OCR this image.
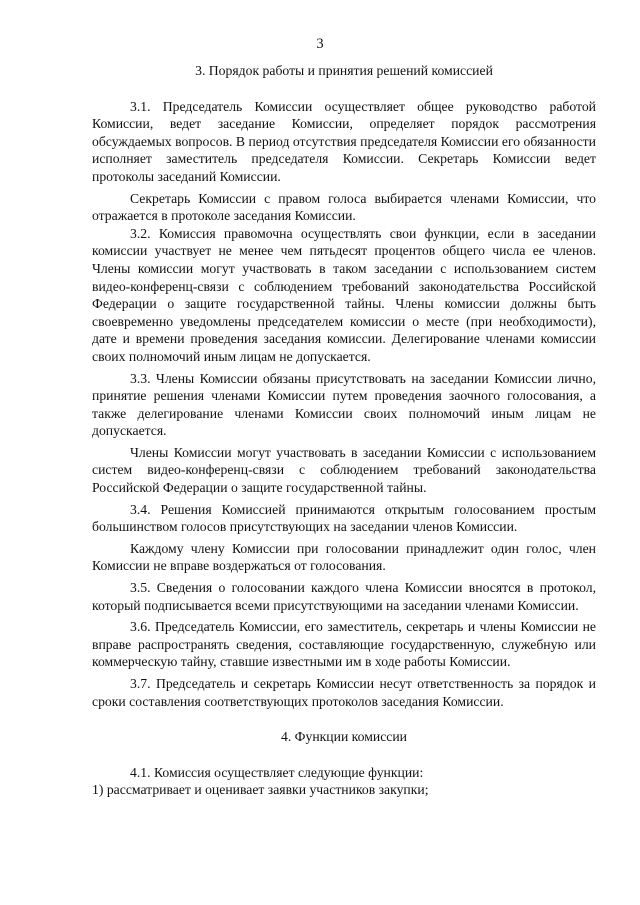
3
3. Порядок работы и принятия решений комиссией

3.1. Председатель Комиссии осуществляет общее руководство работой Комиссии, ведет заседание Комиссии, определяет порядок рассмотрения обсуждаемых вопросов. В период отсутствия председателя Комиссии его обязанности исполняет заместитель председателя Комиссии. Секретарь Комиссии ведет протоколы заседаний Комиссии.

Секретарь Комиссии с правом голоса выбирается членами Комиссии, что отражается в протоколе заседания Комиссии.

3.2. Комиссия правомочна осуществлять свои функции, если в заседании комиссии участвует не менее чем пятьдесят процентов общего числа ее членов. Члены комиссии могут участвовать в таком заседании с использованием систем видео-конференц-связи с соблюдением требований законодательства Российской Федерации о защите государственной тайны. Члены комиссии должны быть своевременно уведомлены председателем комиссии о месте (при необходимости), дате и времени проведения заседания комиссии. Делегирование членами комиссии своих полномочий иным лицам не допускается.

3.3. Члены Комиссии обязаны присутствовать на заседании Комиссии лично, принятие решения членами Комиссии путем проведения заочного голосования, а также делегирование членами Комиссии своих полномочий иным лицам не допускается.

Члены Комиссии могут участвовать в заседании Комиссии с использованием систем видео-конференц-связи с соблюдением требований законодательства Российской Федерации о защите государственной тайны.

3.4. Решения Комиссией принимаются открытым голосованием простым большинством голосов присутствующих на заседании членов Комиссии.

Каждому члену Комиссии при голосовании принадлежит один голос, член Комиссии не вправе воздержаться от голосования.

3.5. Сведения о голосовании каждого члена Комиссии вносятся в протокол, который подписывается всеми присутствующими на заседании членами Комиссии.

3.6. Председатель Комиссии, его заместитель, секретарь и члены Комиссии не вправе распространять сведения, составляющие государственную, служебную или коммерческую тайну, ставшие известными им в ходе работы Комиссии.

3.7. Председатель и секретарь Комиссии несут ответственность за порядок и сроки составления соответствующих протоколов заседания Комиссии.

4. Функции комиссии

4.1. Комиссия осуществляет следующие функции:

1) рассматривает и оценивает заявки участников закупки;
